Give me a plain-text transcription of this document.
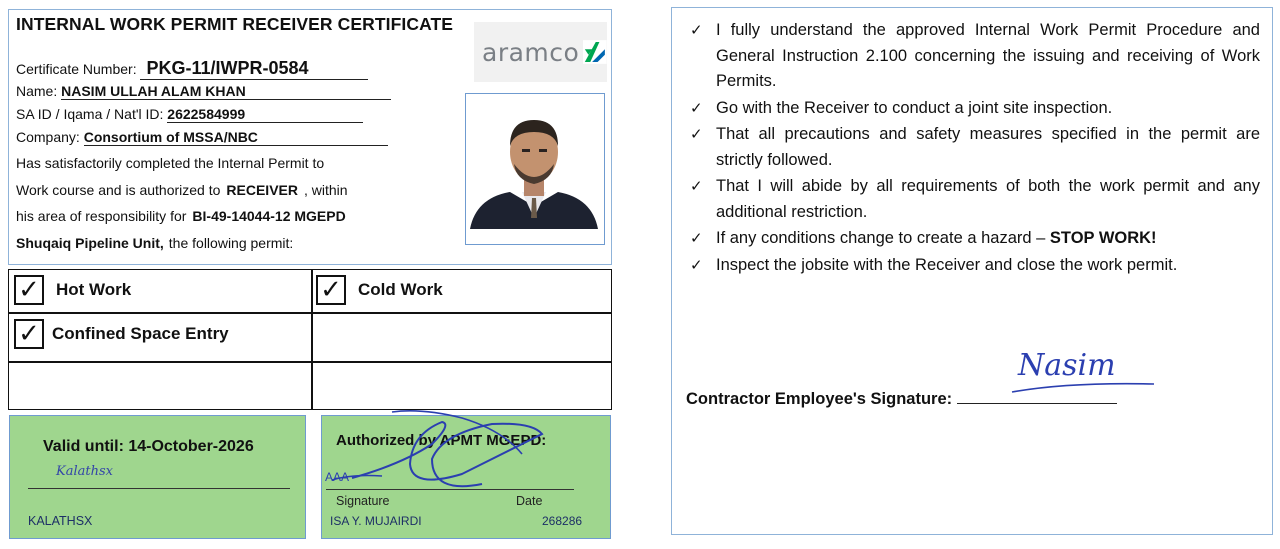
INTERNAL WORK PERMIT RECEIVER CERTIFICATE
aramco
Certificate Number: PKG-11/IWPR-0584
Name: NASIM ULLAH ALAM KHAN
SA ID / Iqama / Nat'l ID: 2622584999
Company: Consortium of MSSA/NBC
Has satisfactorily completed the Internal Permit to
Work course and is authorized to RECEIVER , within
his area of responsibility for BI-49-14044-12 MGEPD
Shuqaiq Pipeline Unit, the following permit:
✓ Hot Work	✓ Cold Work
✓ Confined Space Entry
Valid until: 14-October-2026
Kalathsx
KALATHSX
Authorized by APMT MGEPD:
AAA
Signature	Date
ISA Y. MUJAIRDI	268286
✓ I fully understand the approved Internal Work Permit Procedure and General Instruction 2.100 concerning the issuing and receiving of Work Permits.
✓ Go with the Receiver to conduct a joint site inspection.
✓ That all precautions and safety measures specified in the permit are strictly followed.
✓ That I will abide by all requirements of both the work permit and any additional restriction.
✓ If any conditions change to create a hazard – STOP WORK!
✓ Inspect the jobsite with the Receiver and close the work permit.
Nasim
Contractor Employee's Signature:
